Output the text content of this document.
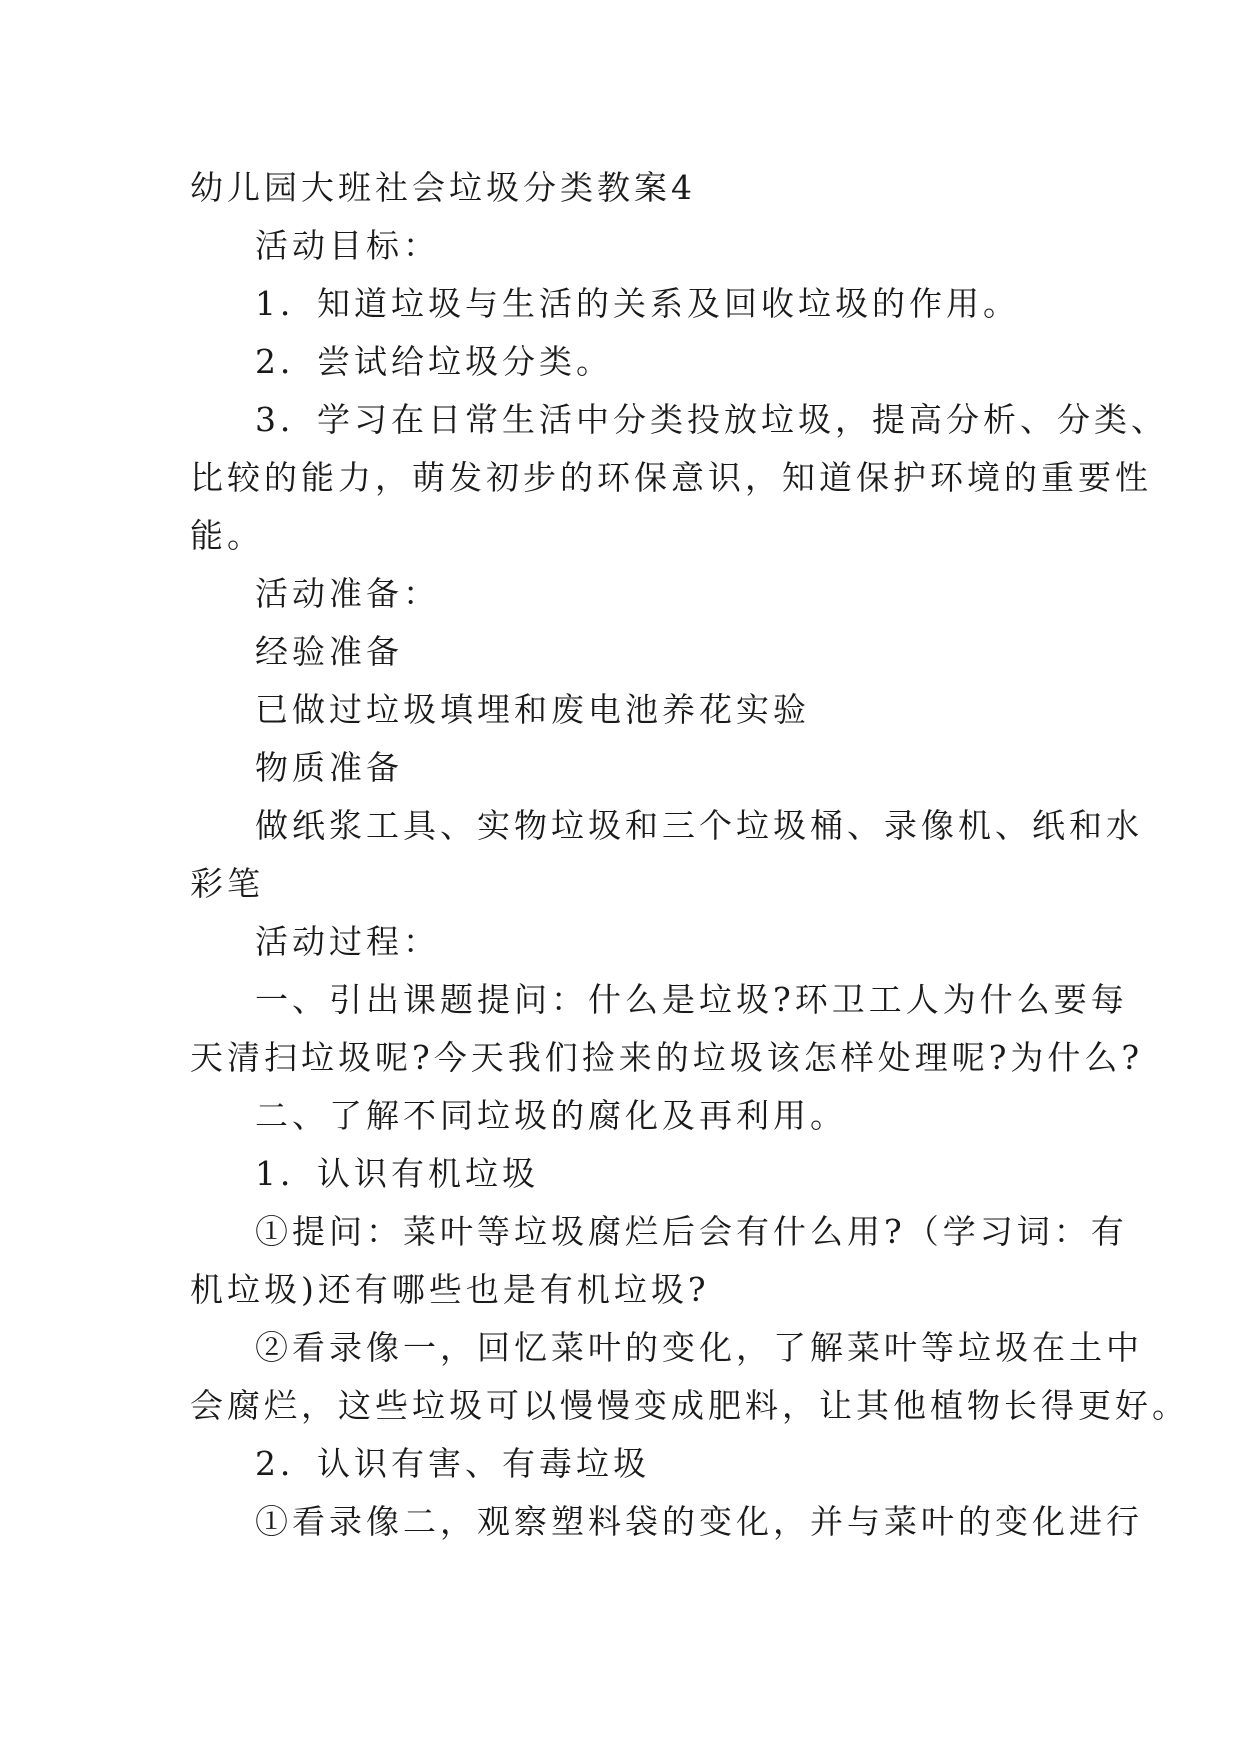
幼儿园大班社会垃圾分类教案4
活动目标：
1．知道垃圾与生活的关系及回收垃圾的作用。
2．尝试给垃圾分类。
3．学习在日常生活中分类投放垃圾，提高分析、分类、
比较的能力，萌发初步的环保意识，知道保护环境的重要性
能。
活动准备：
经验准备
已做过垃圾填埋和废电池养花实验
物质准备
做纸浆工具、实物垃圾和三个垃圾桶、录像机、纸和水
彩笔
活动过程：
一、引出课题提问：什么是垃圾?环卫工人为什么要每
天清扫垃圾呢?今天我们捡来的垃圾该怎样处理呢?为什么?
二、了解不同垃圾的腐化及再利用。
1．认识有机垃圾
①提问：菜叶等垃圾腐烂后会有什么用?（学习词：有
机垃圾)还有哪些也是有机垃圾?
②看录像一，回忆菜叶的变化，了解菜叶等垃圾在土中
会腐烂，这些垃圾可以慢慢变成肥料，让其他植物长得更好。
2．认识有害、有毒垃圾
①看录像二，观察塑料袋的变化，并与菜叶的变化进行
